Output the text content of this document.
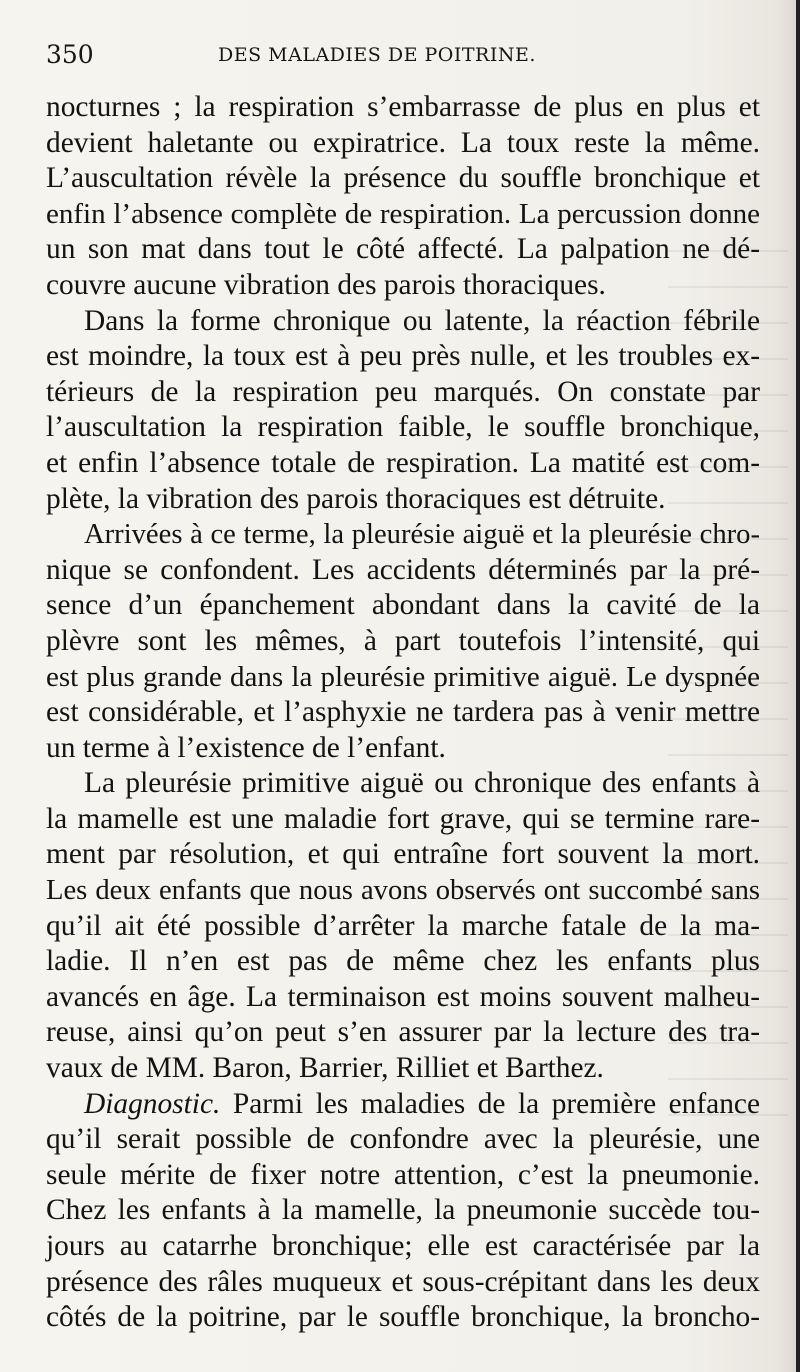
350	DES MALADIES DE POITRINE.
nocturnes ; la respiration s’embarrasse de plus en plus et
devient haletante ou expiratrice. La toux reste la même.
L’auscultation révèle la présence du souffle bronchique et
enfin l’absence complète de respiration. La percussion donne
un son mat dans tout le côté affecté. La palpation ne dé-
couvre aucune vibration des parois thoraciques.
Dans la forme chronique ou latente, la réaction fébrile
est moindre, la toux est à peu près nulle, et les troubles ex-
térieurs de la respiration peu marqués. On constate par
l’auscultation la respiration faible, le souffle bronchique,
et enfin l’absence totale de respiration. La matité est com-
plète, la vibration des parois thoraciques est détruite.
Arrivées à ce terme, la pleurésie aiguë et la pleurésie chro-
nique se confondent. Les accidents déterminés par la pré-
sence d’un épanchement abondant dans la cavité de la
plèvre sont les mêmes, à part toutefois l’intensité, qui
est plus grande dans la pleurésie primitive aiguë. Le dyspnée
est considérable, et l’asphyxie ne tardera pas à venir mettre
un terme à l’existence de l’enfant.
La pleurésie primitive aiguë ou chronique des enfants à
la mamelle est une maladie fort grave, qui se termine rare-
ment par résolution, et qui entraîne fort souvent la mort.
Les deux enfants que nous avons observés ont succombé sans
qu’il ait été possible d’arrêter la marche fatale de la ma-
ladie. Il n’en est pas de même chez les enfants plus
avancés en âge. La terminaison est moins souvent malheu-
reuse, ainsi qu’on peut s’en assurer par la lecture des tra-
vaux de MM. Baron, Barrier, Rilliet et Barthez.
Diagnostic. Parmi les maladies de la première enfance
qu’il serait possible de confondre avec la pleurésie, une
seule mérite de fixer notre attention, c’est la pneumonie.
Chez les enfants à la mamelle, la pneumonie succède tou-
jours au catarrhe bronchique; elle est caractérisée par la
présence des râles muqueux et sous-crépitant dans les deux
côtés de la poitrine, par le souffle bronchique, la broncho-
